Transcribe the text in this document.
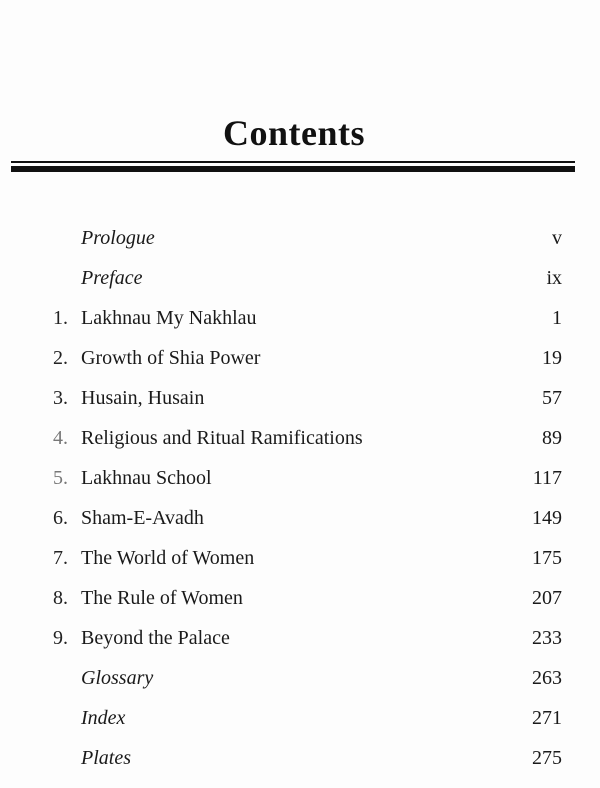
Contents
Prologue	v
Preface	ix
1. Lakhnau My Nakhlau	1
2. Growth of Shia Power	19
3. Husain, Husain	57
4. Religious and Ritual Ramifications	89
5. Lakhnau School	117
6. Sham-E-Avadh	149
7. The World of Women	175
8. The Rule of Women	207
9. Beyond the Palace	233
Glossary	263
Index	271
Plates	275
